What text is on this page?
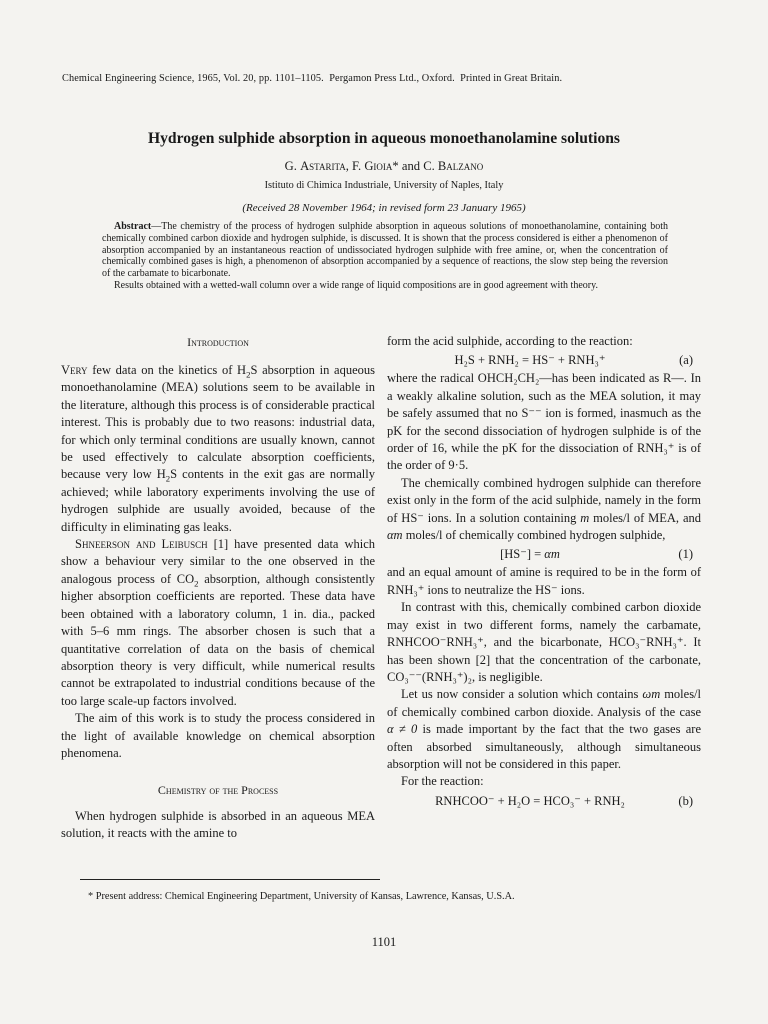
Chemical Engineering Science, 1965, Vol. 20, pp. 1101–1105. Pergamon Press Ltd., Oxford. Printed in Great Britain.
Hydrogen sulphide absorption in aqueous monoethanolamine solutions
G. Astarita, F. Gioia* and C. Balzano
Istituto di Chimica Industriale, University of Naples, Italy
(Received 28 November 1964; in revised form 23 January 1965)

Abstract—The chemistry of the process of hydrogen sulphide absorption in aqueous solutions of monoethanolamine, containing both chemically combined carbon dioxide and hydrogen sulphide, is discussed. It is shown that the process considered is either a phenomenon of absorption accompanied by an instantaneous reaction of undissociated hydrogen sulphide with free amine, or, when the concentration of chemically combined gases is high, a phenomenon of absorption accompanied by a sequence of reactions, the slow step being the reversion of the carbamate to bicarbonate.

Results obtained with a wetted-wall column over a wide range of liquid compositions are in good agreement with theory.

Introduction

Very few data on the kinetics of $H_2S$ absorption in aqueous monoethanolamine (MEA) solutions seem to be available in the literature, although this process is of considerable practical interest. This is probably due to two reasons: industrial data, for which only terminal conditions are usually known, cannot be used effectively to calculate absorption coefficients, because very low $H_2S$ contents in the exit gas are normally achieved; while laboratory experiments involving the use of hydrogen sulphide are usually avoided, because of the difficulty in eliminating gas leaks.

Shneerson and Leibusch [1] have presented data which show a behaviour very similar to the one observed in the analogous process of $CO_2$ absorption, although consistently higher absorption coefficients are reported. These data have been obtained with a laboratory column, 1 in. dia., packed with 5–6 mm rings. The absorber chosen is such that a quantitative correlation of data on the basis of chemical absorption theory is very difficult, while numerical results cannot be extrapolated to industrial conditions because of the too large scale-up factors involved.

The aim of this work is to study the process considered in the light of available knowledge on chemical absorption phenomena.

Chemistry of the Process

When hydrogen sulphide is absorbed in an aqueous MEA solution, it reacts with the amine to

form the acid sulphide, according to the reaction:

H₂S + RNH₂ = HS⁻ + RNH₃⁺	(a)

where the radical OHCH₂CH₂—has been indicated as R—. In a weakly alkaline solution, such as the MEA solution, it may be safely assumed that no S⁻⁻ ion is formed, inasmuch as the pK for the second dissociation of hydrogen sulphide is of the order of 16, while the pK for the dissociation of RNH₃⁺ is of the order of 9·5.

The chemically combined hydrogen sulphide can therefore exist only in the form of the acid sulphide, namely in the form of HS⁻ ions. In a solution containing m moles/l of MEA, and αm moles/l of chemically combined hydrogen sulphide,

[HS⁻] = αm	(1)

and an equal amount of amine is required to be in the form of RNH₃⁺ ions to neutralize the HS⁻ ions.

In contrast with this, chemically combined carbon dioxide may exist in two different forms, namely the carbamate, RNHCOO⁻RNH₃⁺, and the bicarbonate, HCO₃⁻RNH₃⁺. It has been shown [2] that the concentration of the carbonate, CO₃⁻⁻(RNH₃⁺)₂, is negligible.

Let us now consider a solution which contains ωm moles/l of chemically combined carbon dioxide. Analysis of the case α ≠ 0 is made important by the fact that the two gases are often absorbed simultaneously, although simultaneous absorption will not be considered in this paper.

For the reaction:

RNHCOO⁻ + H₂O = HCO₃⁻ + RNH₂	(b)
* Present address: Chemical Engineering Department, University of Kansas, Lawrence, Kansas, U.S.A.
1101
